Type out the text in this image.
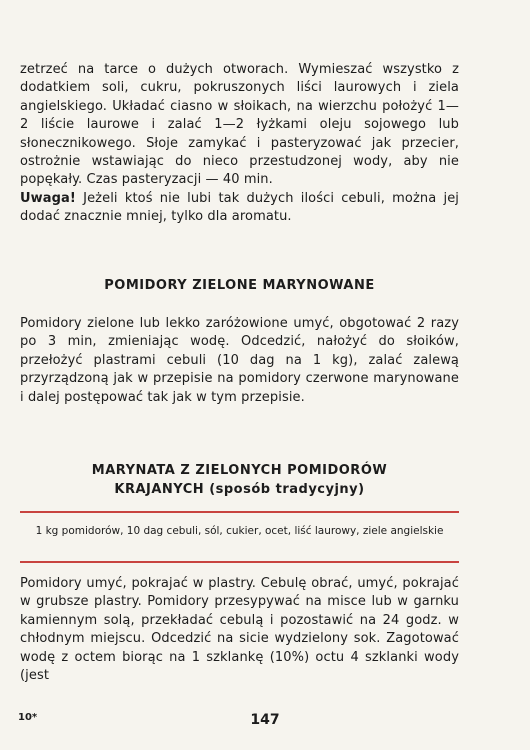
zetrzeć na tarce o dużych otworach. Wymieszać wszystko z dodatkiem soli, cukru, pokruszonych liści laurowych i ziela angielskiego. Układać ciasno w słoikach, na wierzchu położyć 1—2 liście laurowe i zalać 1—2 łyżkami oleju sojowego lub słonecznikowego. Słoje zamykać i pasteryzować jak przecier, ostrożnie wstawiając do nieco przestudzonej wody, aby nie popękały. Czas pasteryzacji — 40 min.
Uwaga! Jeżeli ktoś nie lubi tak dużych ilości cebuli, można jej dodać znacznie mniej, tylko dla aromatu.
POMIDORY ZIELONE MARYNOWANE
Pomidory zielone lub lekko zaróżowione umyć, obgotować 2 razy po 3 min, zmieniając wodę. Odcedzić, nałożyć do słoików, przełożyć plastrami cebuli (10 dag na 1 kg), zalać zalewą przyrządzoną jak w przepisie na pomidory czerwone marynowane i dalej postępować tak jak w tym przepisie.
MARYNATA Z ZIELONYCH POMIDORÓW
KRAJANYCH (sposób tradycyjny)
1 kg pomidorów, 10 dag cebuli, sól, cukier, ocet, liść laurowy, ziele angielskie
Pomidory umyć, pokrajać w plastry. Cebulę obrać, umyć, pokrajać w grubsze plastry. Pomidory przesypywać na misce lub w garnku kamiennym solą, przekładać cebulą i pozostawić na 24 godz. w chłodnym miejscu. Odcedzić na sicie wydzielony sok. Zagotować wodę z octem biorąc na 1 szklankę (10%) octu 4 szklanki wody (jest
10*	147
